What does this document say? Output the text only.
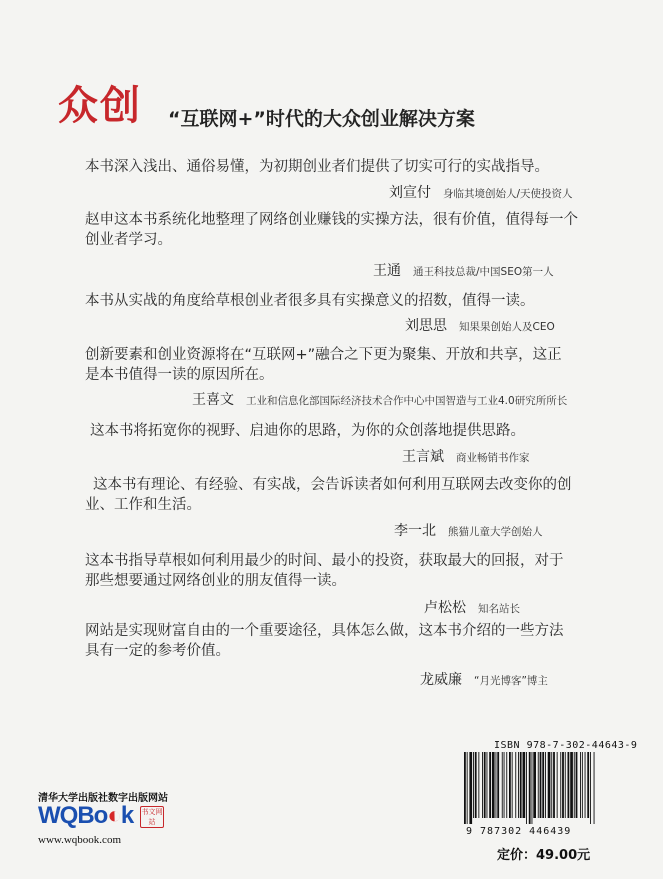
众创 “互联网+”时代的大众创业解决方案
本书深入浅出、通俗易懂，为初期创业者们提供了切实可行的实战指导。
刘宣付 身临其境创始人/天使投资人
赵申这本书系统化地整理了网络创业赚钱的实操方法，很有价值，值得每一个创业者学习。
王通 通王科技总裁/中国SEO第一人
本书从实战的角度给草根创业者很多具有实操意义的招数，值得一读。
刘思思 知果果创始人及CEO
创新要素和创业资源将在“互联网+”融合之下更为聚集、开放和共享，这正是本书值得一读的原因所在。
王喜文 工业和信息化部国际经济技术合作中心中国智造与工业4.0研究所所长
这本书将拓宽你的视野、启迪你的思路，为你的众创落地提供思路。
王言斌 商业畅销书作家
这本书有理论、有经验、有实战，会告诉读者如何利用互联网去改变你的创业、工作和生活。
李一北 熊猫儿童大学创始人
这本书指导草根如何利用最少的时间、最小的投资，获取最大的回报，对于那些想要通过网络创业的朋友值得一读。
卢松松 知名站长
网站是实现财富自由的一个重要途径，具体怎么做，这本书介绍的一些方法具有一定的参考价值。
龙威廉 “月光博客”博主
ISBN 978-7-302-44643-9
9 787302 446439
定价：49.00元
清华大学出版社数字出版网站
WQBo◐k 书文网站
www.wqbook.com
